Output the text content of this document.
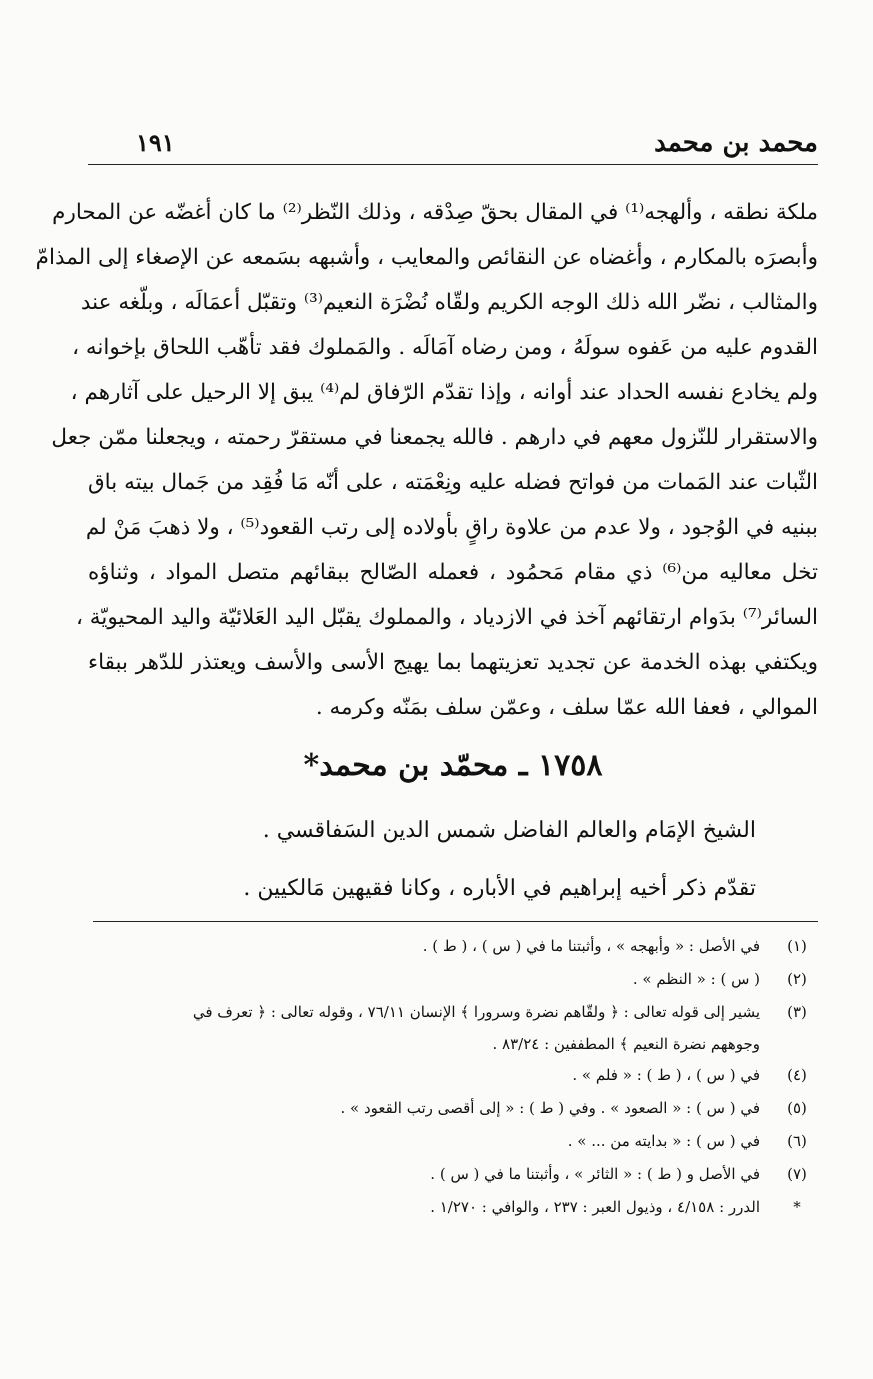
محمد بن محمد
١٩١
ملكة نطقه ، وألهجه⁽¹⁾ في المقال بحقّ صِدْقه ، وذلك النّظر⁽²⁾ ما كان أغضّه عن المحارم
وأبصرَه بالمكارم ، وأغضاه عن النقائص والمعايب ، وأشبهه بسَمعه عن الإصغاء إلى المذامّ
والمثالب ، نضّر الله ذلك الوجه الكريم ولقّاه نُضْرَة النعيم⁽³⁾ وتقبّل أعمَالَه ، وبلّغه عند
القدوم عليه من عَفوه سولَهُ ، ومن رضاه آمَالَه . والمَملوك فقد تأهّب اللحاق بإخوانه ،
ولم يخادع نفسه الحداد عند أوانه ، وإذا تقدّم الرّفاق لم⁽⁴⁾ يبق إلا الرحيل على آثارهم ،
والاستقرار للنّزول معهم في دارهم . فالله يجمعنا في مستقرّ رحمته ، ويجعلنا ممّن جعل
الثّبات عند المَمات من فواتح فضله عليه ونِعْمَته ، على أنّه مَا فُقِد من جَمال بيته باق
ببنيه في الوُجود ، ولا عدم من علاوة راقٍ بأولاده إلى رتب القعود⁽⁵⁾ ، ولا ذهبَ مَنْ لم
تخل معاليه من⁽⁶⁾ ذي مقام مَحمُود ، فعمله الصّالح ببقائهم متصل المواد ، وثناؤه
السائر⁽⁷⁾ بدَوام ارتقائهم آخذ في الازدياد ، والمملوك يقبّل اليد العَلائيّة واليد المحيويّة ،
ويكتفي بهذه الخدمة عن تجديد تعزيتهما بما يهيج الأسى والأسف ويعتذر للدّهر ببقاء
الموالي ، فعفا الله عمّا سلف ، وعمّن سلف بمَنّه وكرمه .
١٧٥٨ ـ محمّد بن محمد*
الشيخ الإمَام والعالم الفاضل شمس الدين السَفاقسي .
تقدّم ذكر أخيه إبراهيم في الأباره ، وكانا فقيهين مَالكيين .
(١)
في الأصل : « وأبهجه » ، وأثبتنا ما في ( س ) ، ( ط ) .
(٢)
( س ) : « النظم » .
(٣)
يشير إلى قوله تعالى : ﴿ ولقّاهم نضرة وسرورا ﴾ الإنسان ٧٦/١١ ، وقوله تعالى : ﴿ تعرف في
وجوههم نضرة النعيم ﴾ المطففين : ٨٣/٢٤ .
(٤)
في ( س ) ، ( ط ) : « فلم » .
(٥)
في ( س ) : « الصعود » . وفي ( ط ) : « إلى أقصى رتب القعود » .
(٦)
في ( س ) : « بدايته من ... » .
(٧)
في الأصل و ( ط ) : « الثائر » ، وأثبتنا ما في ( س ) .
*
الدرر : ٤/١٥٨ ، وذيول العبر : ٢٣٧ ، والوافي : ١/٢٧٠ .
